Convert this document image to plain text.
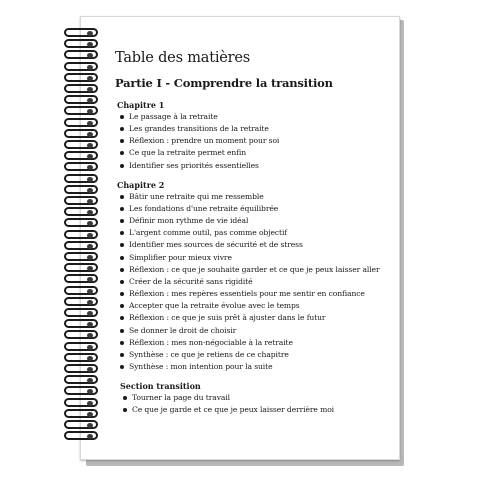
Table des matières
Partie I - Comprendre la transition
Chapitre 1
Le passage à la retraite
Les grandes transitions de la retraite
Réflexion : prendre un moment pour soi
Ce que la retraite permet enfin
Identifier ses priorités essentielles
Chapitre 2
Bâtir une retraite qui me ressemble
Les fondations d'une retraite équilibrée
Définir mon rythme de vie idéal
L'argent comme outil, pas comme objectif
Identifier mes sources de sécurité et de stress
Simplifier pour mieux vivre
Réflexion : ce que je souhaite garder et ce que je peux laisser aller
Créer de la sécurité sans rigidité
Réflexion : mes repères essentiels pour me sentir en confiance
Accepter que la retraite évolue avec le temps
Réflexion : ce que je suis prêt à ajuster dans le futur
Se donner le droit de choisir
Réflexion : mes non-négociable à la retraite
Synthèse : ce que je retiens de ce chapitre
Synthèse : mon intention pour la suite
Section transition
Tourner la page du travail
Ce que je garde et ce que je peux laisser derrière moi
